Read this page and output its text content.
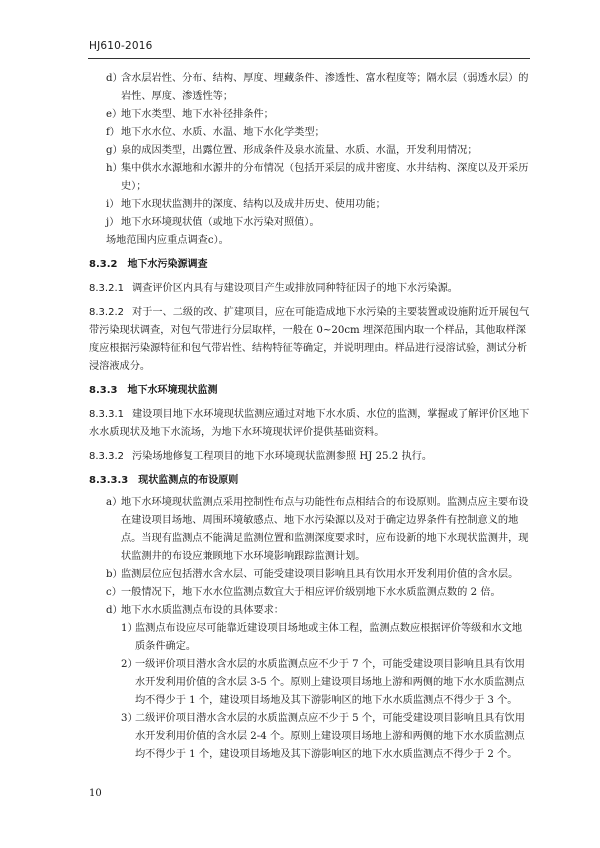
HJ610-2016
d）
含水层岩性、分布、结构、厚度、埋藏条件、渗透性、富水程度等；隔水层（弱透水层）的岩性、厚度、渗透性等；
e）
地下水类型、地下水补径排条件；
f） 地下水水位、水质、水温、地下水化学类型；
g）
泉的成因类型，出露位置、形成条件及泉水流量、水质、水温，开发利用情况；
h）
集中供水水源地和水源井的分布情况（包括开采层的成井密度、水井结构、深度以及开采历史）；
i） 地下水现状监测井的深度、结构以及成井历史、使用功能；
j） 地下水环境现状值（或地下水污染对照值）。
场地范围内应重点调查c）。
8.3.2 地下水污染源调查
8.3.2.1 调查评价区内具有与建设项目产生或排放同种特征因子的地下水污染源。
8.3.2.2 对于一、二级的改、扩建项目，应在可能造成地下水污染的主要装置或设施附近开展包气带污染现状调查，对包气带进行分层取样，一般在 0~20cm 埋深范围内取一个样品，其他取样深度应根据污染源特征和包气带岩性、结构特征等确定，并说明理由。样品进行浸溶试验，测试分析浸溶液成分。
8.3.3 地下水环境现状监测
8.3.3.1 建设项目地下水环境现状监测应通过对地下水水质、水位的监测，掌握或了解评价区地下水水质现状及地下水流场，为地下水环境现状评价提供基础资料。
8.3.3.2 污染场地修复工程项目的地下水环境现状监测参照 HJ 25.2 执行。
8.3.3.3 现状监测点的布设原则
a）
地下水环境现状监测点采用控制性布点与功能性布点相结合的布设原则。监测点应主要布设在建设项目场地、周围环境敏感点、地下水污染源以及对于确定边界条件有控制意义的地点。当现有监测点不能满足监测位置和监测深度要求时，应布设新的地下水现状监测井，现状监测井的布设应兼顾地下水环境影响跟踪监测计划。
b）
监测层位应包括潜水含水层、可能受建设项目影响且具有饮用水开发利用价值的含水层。
c） 一般情况下，地下水水位监测点数宜大于相应评价级别地下水水质监测点数的 2 倍。
d）
地下水水质监测点布设的具体要求：
1）
监测点布设应尽可能靠近建设项目场地或主体工程，监测点数应根据评价等级和水文地质条件确定。
2）
一级评价项目潜水含水层的水质监测点应不少于 7 个，可能受建设项目影响且具有饮用水开发利用价值的含水层 3-5 个。原则上建设项目场地上游和两侧的地下水水质监测点均不得少于 1 个，建设项目场地及其下游影响区的地下水水质监测点不得少于 3 个。
3）
二级评价项目潜水含水层的水质监测点应不少于 5 个，可能受建设项目影响且具有饮用水开发利用价值的含水层 2-4 个。原则上建设项目场地上游和两侧的地下水水质监测点均不得少于 1 个，建设项目场地及其下游影响区的地下水水质监测点不得少于 2 个。
10
